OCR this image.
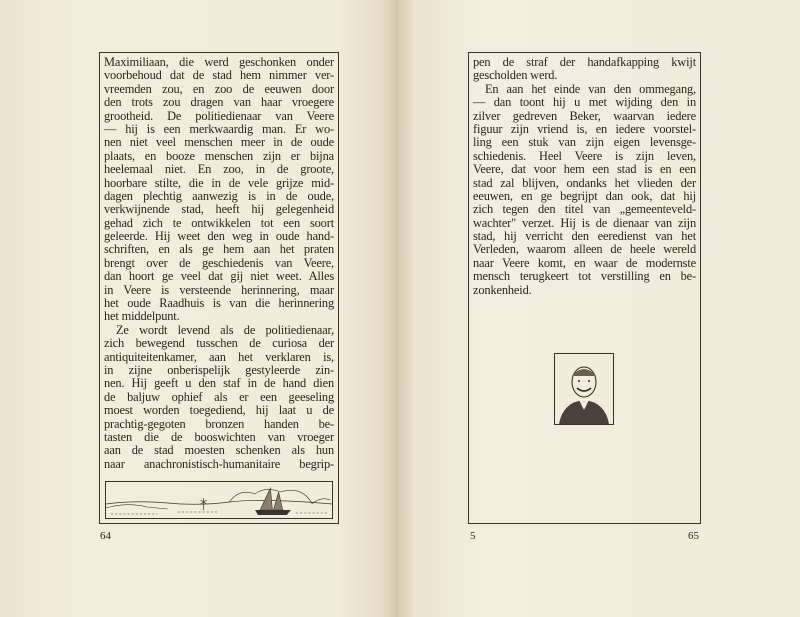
Maximiliaan, die werd geschonken onder
voorbehoud dat de stad hem nimmer ver-
vreemden zou, en zoo de eeuwen door
den trots zou dragen van haar vroegere
grootheid. De politiedienaar van Veere
— hij is een merkwaardig man. Er wo-
nen niet veel menschen meer in de oude
plaats, en booze menschen zijn er bijna
heelemaal niet. En zoo, in de groote,
hoorbare stilte, die in de vele grijze mid-
dagen plechtig aanwezig is in de oude,
verkwijnende stad, heeft hij gelegenheid
gehad zich te ontwikkelen tot een soort
geleerde. Hij weet den weg in oude hand-
schriften, en als ge hem aan het praten
brengt over de geschiedenis van Veere,
dan hoort ge veel dat gij niet weet. Alles
in Veere is versteende herinnering, maar
het oude Raadhuis is van die herinnering
het middelpunt.
Ze wordt levend als de politiedienaar,
zich bewegend tusschen de curiosa der
antiquiteitenkamer, aan het verklaren is,
in zijne onberispelijk gestyleerde zin-
nen. Hij geeft u den staf in de hand dien
de baljuw ophief als er een geeseling
moest worden toegediend, hij laat u de
prachtig-gegoten bronzen handen be-
tasten die de booswichten van vroeger
aan de stad moesten schenken als hun
naar anachronistisch-humanitaire begrip-
64
pen de straf der handafkapping kwijt
gescholden werd.
En aan het einde van den ommegang,
— dan toont hij u met wijding den in
zilver gedreven Beker, waarvan iedere
figuur zijn vriend is, en iedere voorstel-
ling een stuk van zijn eigen levensge-
schiedenis. Heel Veere is zijn leven,
Veere, dat voor hem een stad is en een
stad zal blijven, ondanks het vlieden der
eeuwen, en ge begrijpt dan ook, dat hij
zich tegen den titel van „gemeenteveld-
wachter" verzet. Hij is de dienaar van zijn
stad, hij verricht den eeredienst van het
Verleden, waarom alleen de heele wereld
naar Veere komt, en waar de modernste
mensch terugkeert tot verstilling en be-
zonkenheid.
5	65
